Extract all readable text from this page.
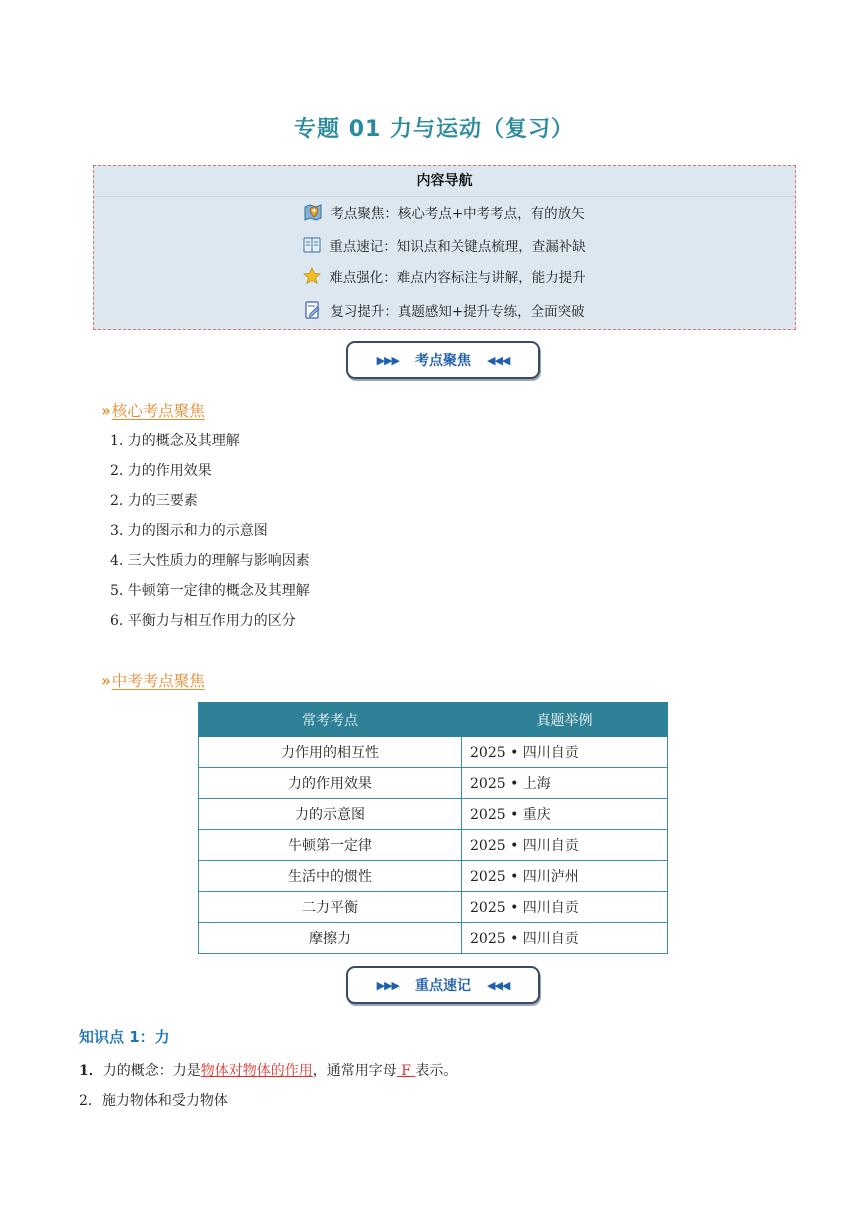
专题 01 力与运动（复习）
内容导航
考点聚焦：核心考点+中考考点，有的放矢
重点速记：知识点和关键点梳理，查漏补缺
难点强化：难点内容标注与讲解，能力提升
复习提升：真题感知+提升专练，全面突破
▶▶▶ 考点聚焦 ◀◀◀
»核心考点聚焦
1. 力的概念及其理解
2. 力的作用效果
2. 力的三要素
3. 力的图示和力的示意图
4. 三大性质力的理解与影响因素
5. 牛顿第一定律的概念及其理解
6. 平衡力与相互作用力的区分
»中考考点聚焦
常考考点	真题举例
力作用的相互性	2025 • 四川自贡
力的作用效果	2025 • 上海
力的示意图	2025 • 重庆
牛顿第一定律	2025 • 四川自贡
生活中的惯性	2025 • 四川泸州
二力平衡	2025 • 四川自贡
摩擦力	2025 • 四川自贡
▶▶▶ 重点速记 ◀◀◀
知识点 1：力
1．力的概念：力是物体对物体的作用，通常用字母 F 表示。
2．施力物体和受力物体
